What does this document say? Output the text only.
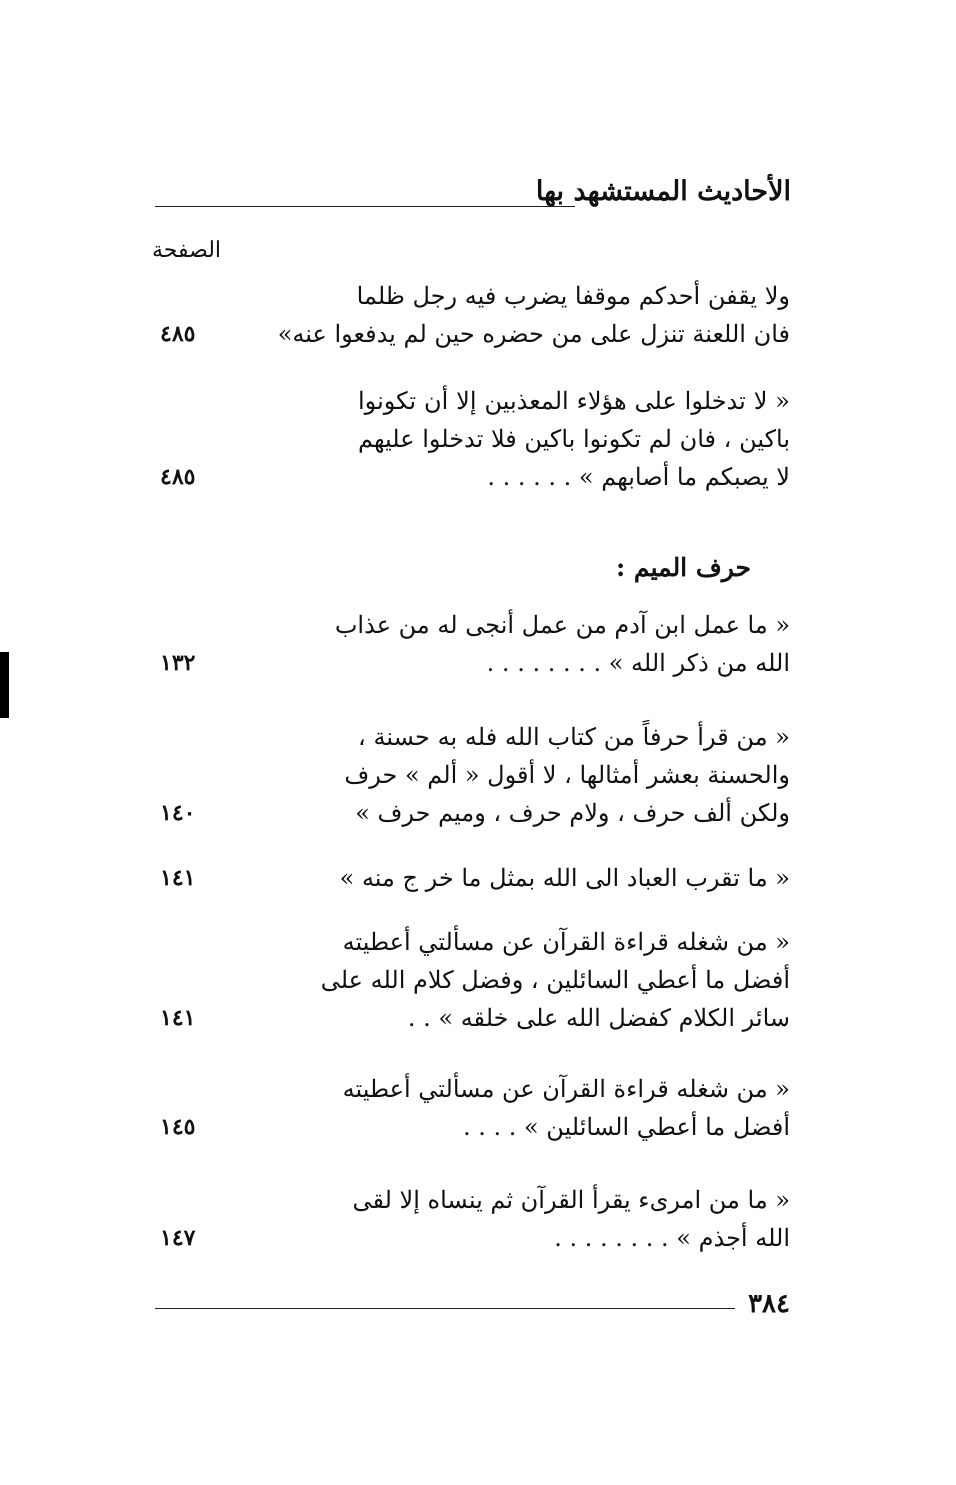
الأحاديث المستشهد بها
الصفحة
ولا يقفن أحدكم موقفا يضرب فيه رجل ظلما
فان اللعنة تنزل على من حضره حين لم يدفعوا عنه»
٤٨٥
« لا تدخلوا على هؤلاء المعذبين إلا أن تكونوا
باكين ، فان لم تكونوا باكين فلا تدخلوا عليهم
لا يصبكم ما أصابهم » . . . . . .
٤٨٥
حرف الميم :
« ما عمل ابن آدم من عمل أنجى له من عذاب
الله من ذكر الله » . . . . . . . .
١٣٢
« من قرأ حرفاً من كتاب الله فله به حسنة ،
والحسنة بعشر أمثالها ، لا أقول « ألم » حرف
ولكن ألف حرف ، ولام حرف ، وميم حرف »
١٤٠
« ما تقرب العباد الى الله بمثل ما خر ج منه »
١٤١
« من شغله قراءة القرآن عن مسألتي أعطيته
أفضل ما أعطي السائلين ، وفضل كلام الله على
سائر الكلام كفضل الله على خلقه » . .
١٤١
« من شغله قراءة القرآن عن مسألتي أعطيته
أفضل ما أعطي السائلين » . . . .
١٤٥
« ما من امرىء يقرأ القرآن ثم ينساه إلا لقى
الله أجذم » . . . . . . . .
١٤٧
٣٨٤
